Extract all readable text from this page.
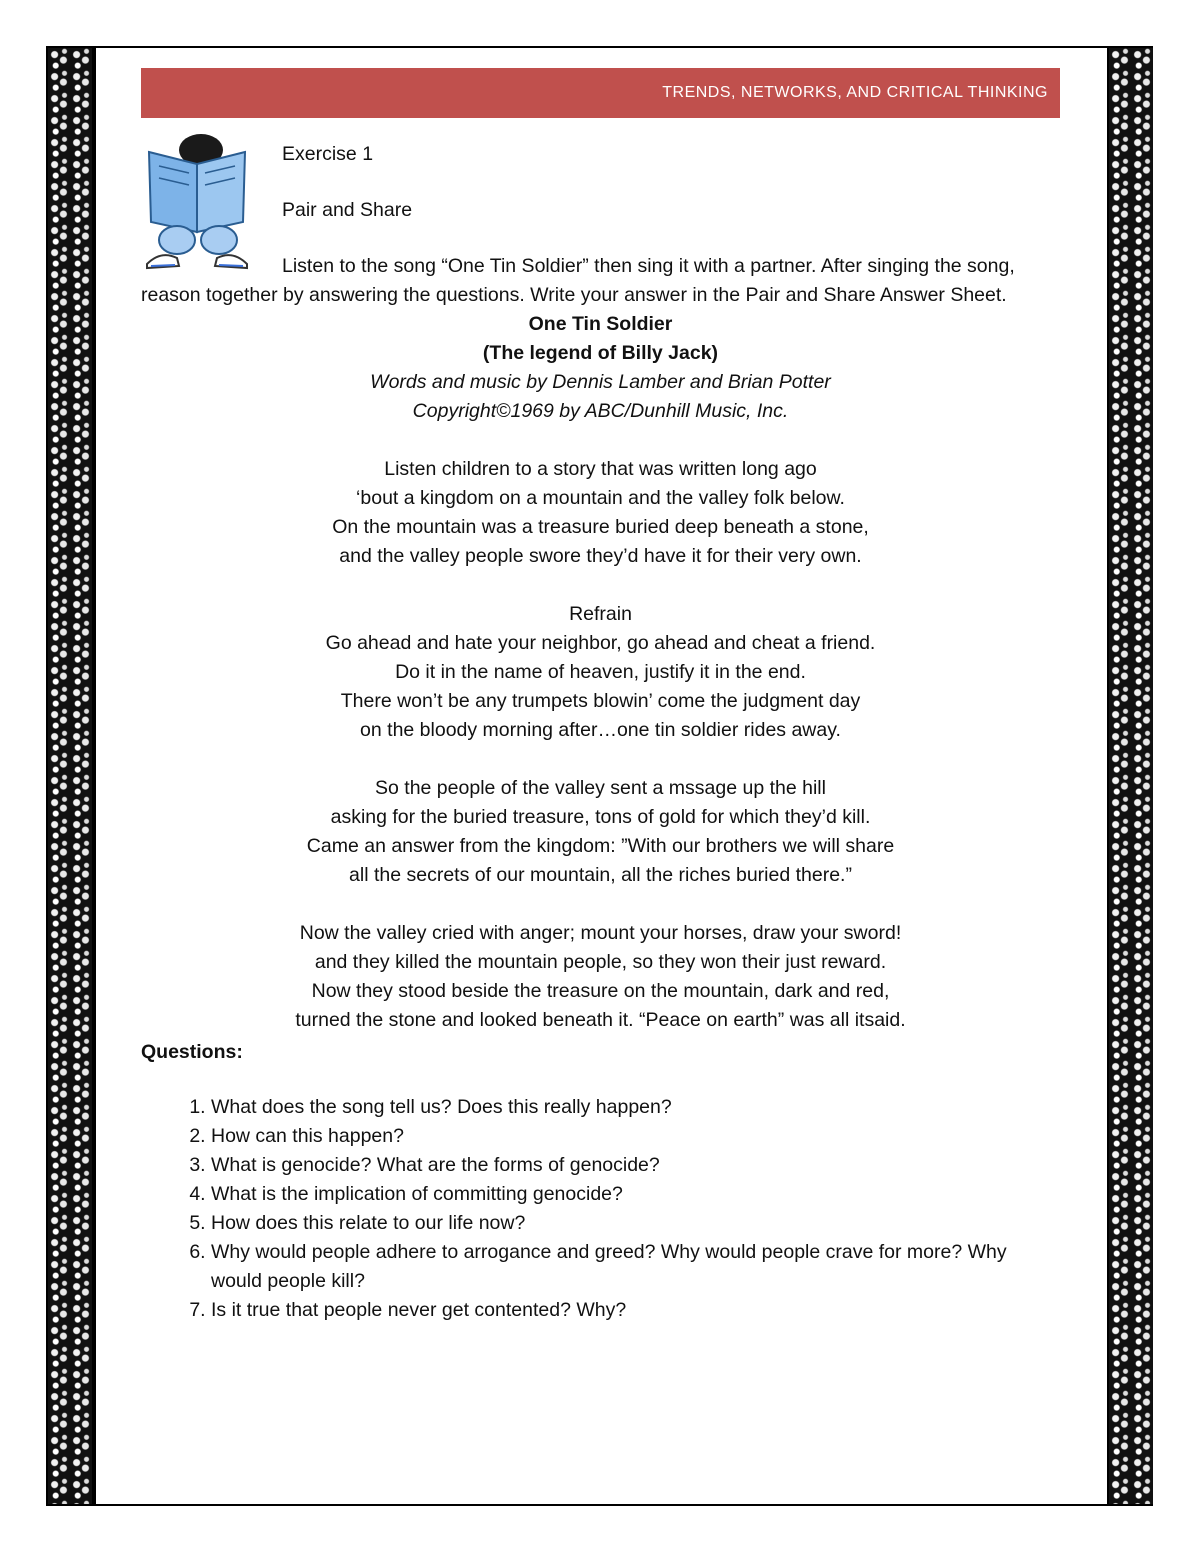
TRENDS, NETWORKS, AND CRITICAL THINKING
Exercise 1
Pair and Share
Listen to the song “One Tin Soldier” then sing it with a partner. After singing the song, reason together by answering the questions. Write your answer in the Pair and Share Answer Sheet.
One Tin Soldier
(The legend of Billy Jack)
Words and music by Dennis Lamber and Brian Potter
Copyright©1969 by ABC/Dunhill Music, Inc.
Listen children to a story that was written long ago
‘bout a kingdom on a mountain and the valley folk below.
On the mountain was a treasure buried deep beneath a stone,
and the valley people swore they’d have it for their very own.
Refrain
Go ahead and hate your neighbor, go ahead and cheat a friend.
Do it in the name of heaven, justify it in the end.
There won’t be any trumpets blowin’ come the judgment day
on the bloody morning after…one tin soldier rides away.
So the people of the valley sent a mssage up the hill
asking for the buried treasure, tons of gold for which they’d kill.
Came an answer from the kingdom: ”With our brothers we will share
all the secrets of our mountain, all the riches buried there.”
Now the valley cried with anger; mount your horses, draw your sword!
and they killed the mountain people, so they won their just reward.
Now they stood beside the treasure on the mountain, dark and red,
turned the stone and looked beneath it. “Peace on earth” was all itsaid.
Questions:
1. What does the song tell us? Does this really happen?
2. How can this happen?
3. What is genocide? What are the forms of genocide?
4. What is the implication of committing genocide?
5. How does this relate to our life now?
6. Why would people adhere to arrogance and greed? Why would people crave for more? Why would people kill?
7. Is it true that people never get contented? Why?
